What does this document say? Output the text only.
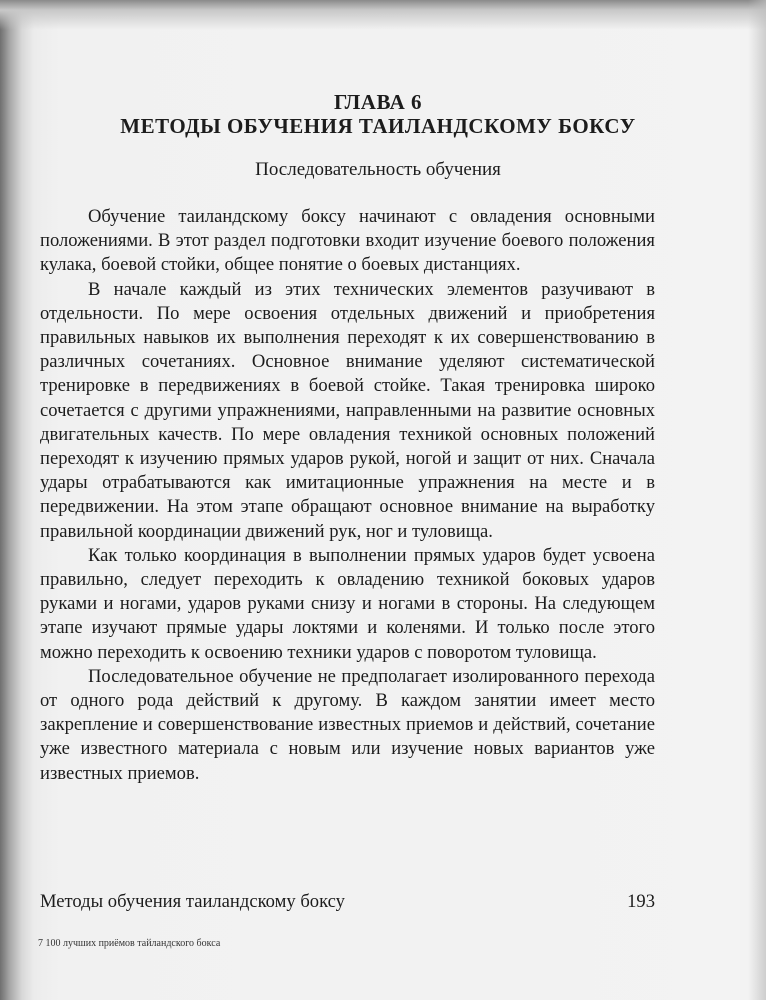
ГЛАВА 6
МЕТОДЫ ОБУЧЕНИЯ ТАИЛАНДСКОМУ БОКСУ
Последовательность обучения

Обучение таиландскому боксу начинают с овладения основными положениями. В этот раздел подготовки входит изучение боевого положения кулака, боевой стойки, общее понятие о боевых дистанциях.

В начале каждый из этих технических элементов разучивают в отдельности. По мере освоения отдельных движений и приобретения правильных навыков их выполнения переходят к их совершенствованию в различных сочетаниях. Основное внимание уделяют систематической тренировке в передвижениях в боевой стойке. Такая тренировка широко сочетается с другими упражнениями, направленными на развитие основных двигательных качеств. По мере овладения техникой основных положений переходят к изучению прямых ударов рукой, ногой и защит от них. Сначала удары отрабатываются как имитационные упражнения на месте и в передвижении. На этом этапе обращают основное внимание на выработку правильной координации движений рук, ног и туловища.

Как только координация в выполнении прямых ударов будет усвоена правильно, следует переходить к овладению техникой боковых ударов руками и ногами, ударов руками снизу и ногами в стороны. На следующем этапе изучают прямые удары локтями и коленями. И только после этого можно переходить к освоению техники ударов с поворотом туловища.

Последовательное обучение не предполагает изолированного перехода от одного рода действий к другому. В каждом занятии имеет место закрепление и совершенствование известных приемов и действий, сочетание уже известного материала с новым или изучение новых вариантов уже известных приемов.

Методы обучения таиландскому боксу	193
7 100 лучших приёмов тайландского бокса
